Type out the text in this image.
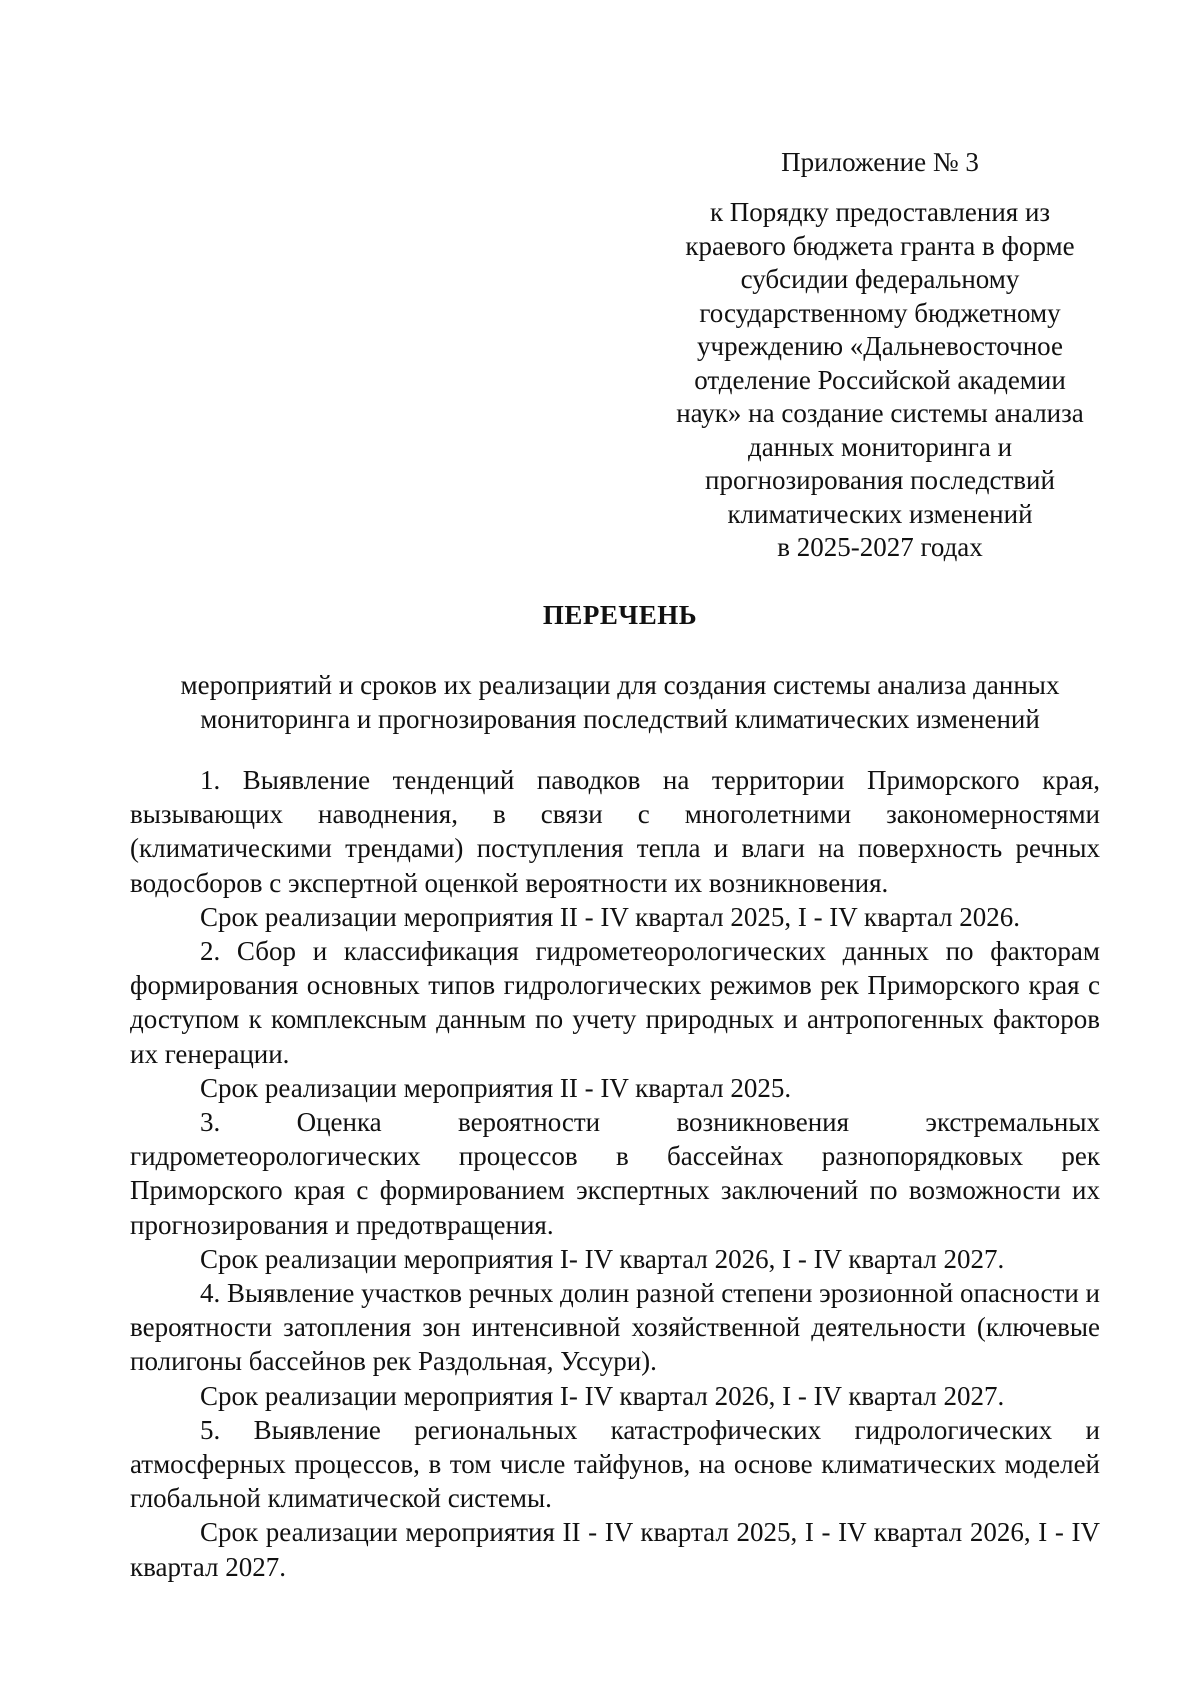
Приложение № 3
к Порядку предоставления из
краевого бюджета гранта в форме
субсидии федеральному
государственному бюджетному
учреждению «Дальневосточное
отделение Российской академии
наук» на создание системы анализа
данных мониторинга и
прогнозирования последствий
климатических изменений
в 2025-2027 годах
ПЕРЕЧЕНЬ
мероприятий и сроков их реализации для создания системы анализа данных
мониторинга и прогнозирования последствий климатических изменений

1. Выявление тенденций паводков на территории Приморского края, вызывающих наводнения, в связи с многолетними закономерностями (климатическими трендами) поступления тепла и влаги на поверхность речных водосборов с экспертной оценкой вероятности их возникновения.

Срок реализации мероприятия II - IV квартал 2025, I - IV квартал 2026.

2. Сбор и классификация гидрометеорологических данных по факторам формирования основных типов гидрологических режимов рек Приморского края с доступом к комплексным данным по учету природных и антропогенных факторов их генерации.

Срок реализации мероприятия II - IV квартал 2025.

3. Оценка вероятности возникновения экстремальных гидрометеорологических процессов в бассейнах разнопорядковых рек Приморского края с формированием экспертных заключений по возможности их прогнозирования и предотвращения.

Срок реализации мероприятия I- IV квартал 2026, I - IV квартал 2027.

4. Выявление участков речных долин разной степени эрозионной опасности и вероятности затопления зон интенсивной хозяйственной деятельности (ключевые полигоны бассейнов рек Раздольная, Уссури).

Срок реализации мероприятия I- IV квартал 2026, I - IV квартал 2027.

5. Выявление региональных катастрофических гидрологических и атмосферных процессов, в том числе тайфунов, на основе климатических моделей глобальной климатической системы.

Срок реализации мероприятия II - IV квартал 2025, I - IV квартал 2026, I - IV квартал 2027.
